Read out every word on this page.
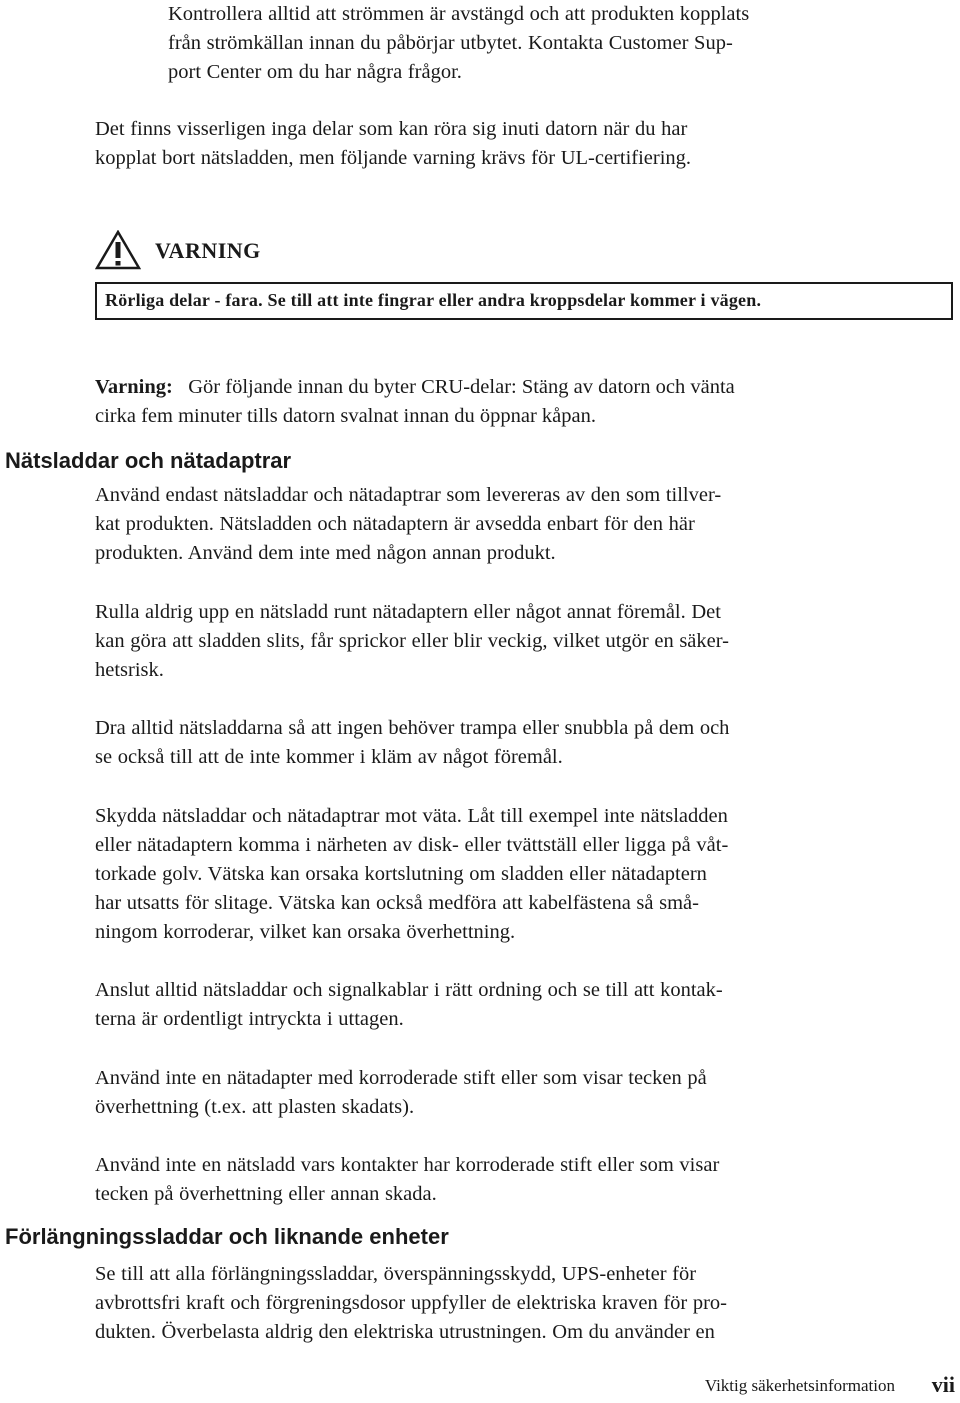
Kontrollera alltid att strömmen är avstängd och att produkten kopplats
från strömkällan innan du påbörjar utbytet. Kontakta Customer Sup-
port Center om du har några frågor.

Det finns visserligen inga delar som kan röra sig inuti datorn när du har
kopplat bort nätsladden, men följande varning krävs för UL-certifiering.

VARNING
Rörliga delar - fara. Se till att inte fingrar eller andra kroppsdelar kommer i vägen.
Varning: Gör följande innan du byter CRU-delar: Stäng av datorn och vänta
cirka fem minuter tills datorn svalnat innan du öppnar kåpan.
Nätsladdar och nätadaptrar

Använd endast nätsladdar och nätadaptrar som levereras av den som tillver-
kat produkten. Nätsladden och nätadaptern är avsedda enbart för den här
produkten. Använd dem inte med någon annan produkt.

Rulla aldrig upp en nätsladd runt nätadaptern eller något annat föremål. Det
kan göra att sladden slits, får sprickor eller blir veckig, vilket utgör en säker-
hetsrisk.

Dra alltid nätsladdarna så att ingen behöver trampa eller snubbla på dem och
se också till att de inte kommer i kläm av något föremål.

Skydda nätsladdar och nätadaptrar mot väta. Låt till exempel inte nätsladden
eller nätadaptern komma i närheten av disk- eller tvättställ eller ligga på våt-
torkade golv. Vätska kan orsaka kortslutning om sladden eller nätadaptern
har utsatts för slitage. Vätska kan också medföra att kabelfästena så små-
ningom korroderar, vilket kan orsaka överhettning.

Anslut alltid nätsladdar och signalkablar i rätt ordning och se till att kontak-
terna är ordentligt intryckta i uttagen.

Använd inte en nätadapter med korroderade stift eller som visar tecken på
överhettning (t.ex. att plasten skadats).

Använd inte en nätsladd vars kontakter har korroderade stift eller som visar
tecken på överhettning eller annan skada.

Förlängningssladdar och liknande enheter

Se till att alla förlängningssladdar, överspänningsskydd, UPS-enheter för
avbrottsfri kraft och förgreningsdosor uppfyller de elektriska kraven för pro-
dukten. Överbelasta aldrig den elektriska utrustningen. Om du använder en

Viktig säkerhetsinformation vii
